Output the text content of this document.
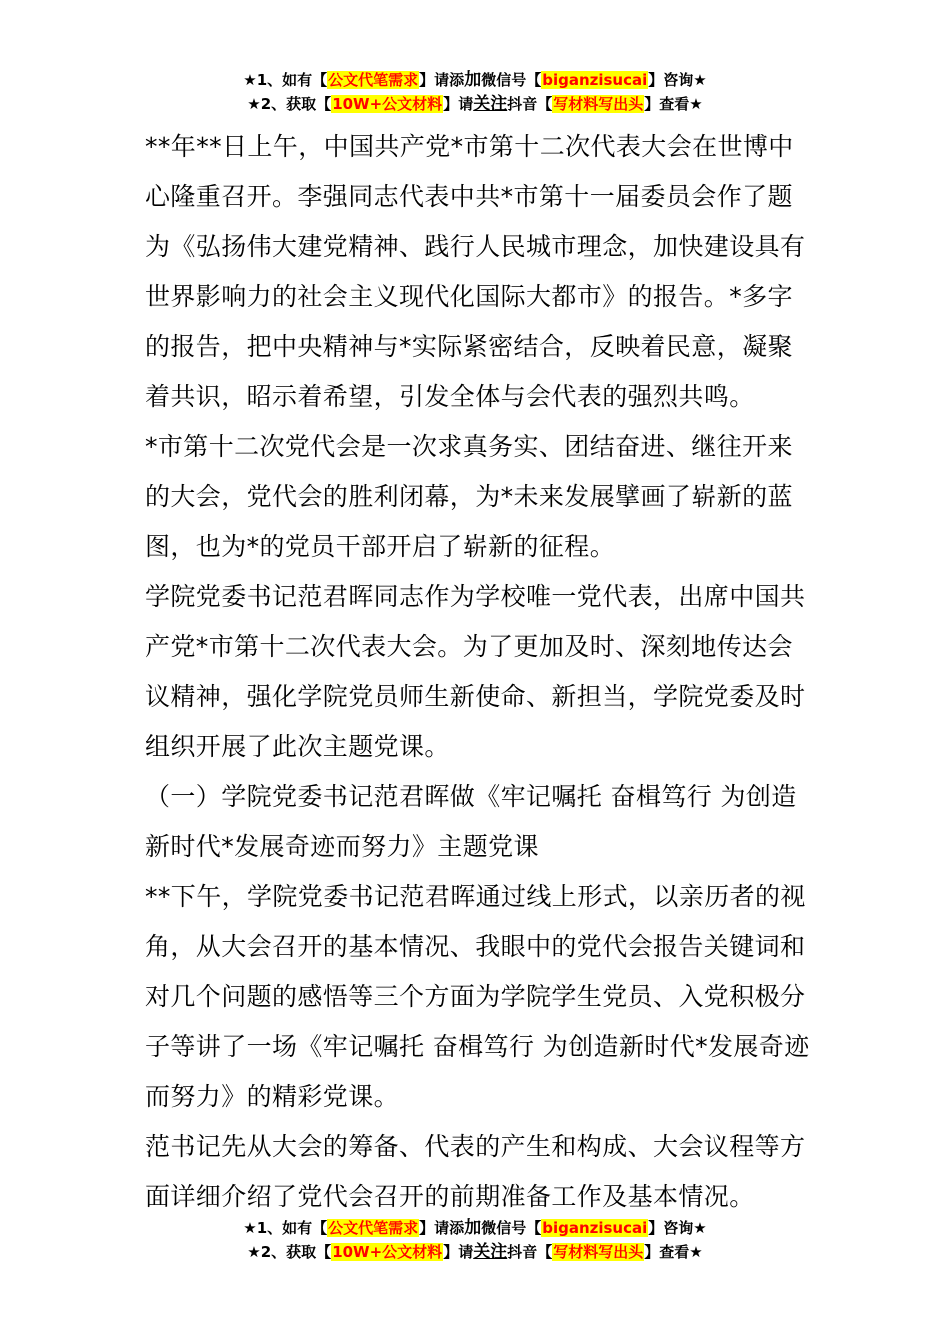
★1、如有【公文代笔需求】请添加微信号【biganzisucai】咨询★
★2、获取【10W+公文材料】请关注抖音【写材料写出头】查看★

**年**日上午，中国共产党*市第十二次代表大会在世博中心隆重召开。李强同志代表中共*市第十一届委员会作了题为《弘扬伟大建党精神、践行人民城市理念，加快建设具有世界影响力的社会主义现代化国际大都市》的报告。*多字的报告，把中央精神与*实际紧密结合，反映着民意，凝聚着共识，昭示着希望，引发全体与会代表的强烈共鸣。

*市第十二次党代会是一次求真务实、团结奋进、继往开来的大会，党代会的胜利闭幕，为*未来发展擘画了崭新的蓝图，也为*的党员干部开启了崭新的征程。

学院党委书记范君晖同志作为学校唯一党代表，出席中国共产党*市第十二次代表大会。为了更加及时、深刻地传达会议精神，强化学院党员师生新使命、新担当，学院党委及时组织开展了此次主题党课。

（一）学院党委书记范君晖做《牢记嘱托 奋楫笃行 为创造新时代*发展奇迹而努力》主题党课

**下午，学院党委书记范君晖通过线上形式，以亲历者的视角，从大会召开的基本情况、我眼中的党代会报告关键词和对几个问题的感悟等三个方面为学院学生党员、入党积极分子等讲了一场《牢记嘱托 奋楫笃行 为创造新时代*发展奇迹而努力》的精彩党课。

范书记先从大会的筹备、代表的产生和构成、大会议程等方面详细介绍了党代会召开的前期准备工作及基本情况。

★1、如有【公文代笔需求】请添加微信号【biganzisucai】咨询★
★2、获取【10W+公文材料】请关注抖音【写材料写出头】查看★
